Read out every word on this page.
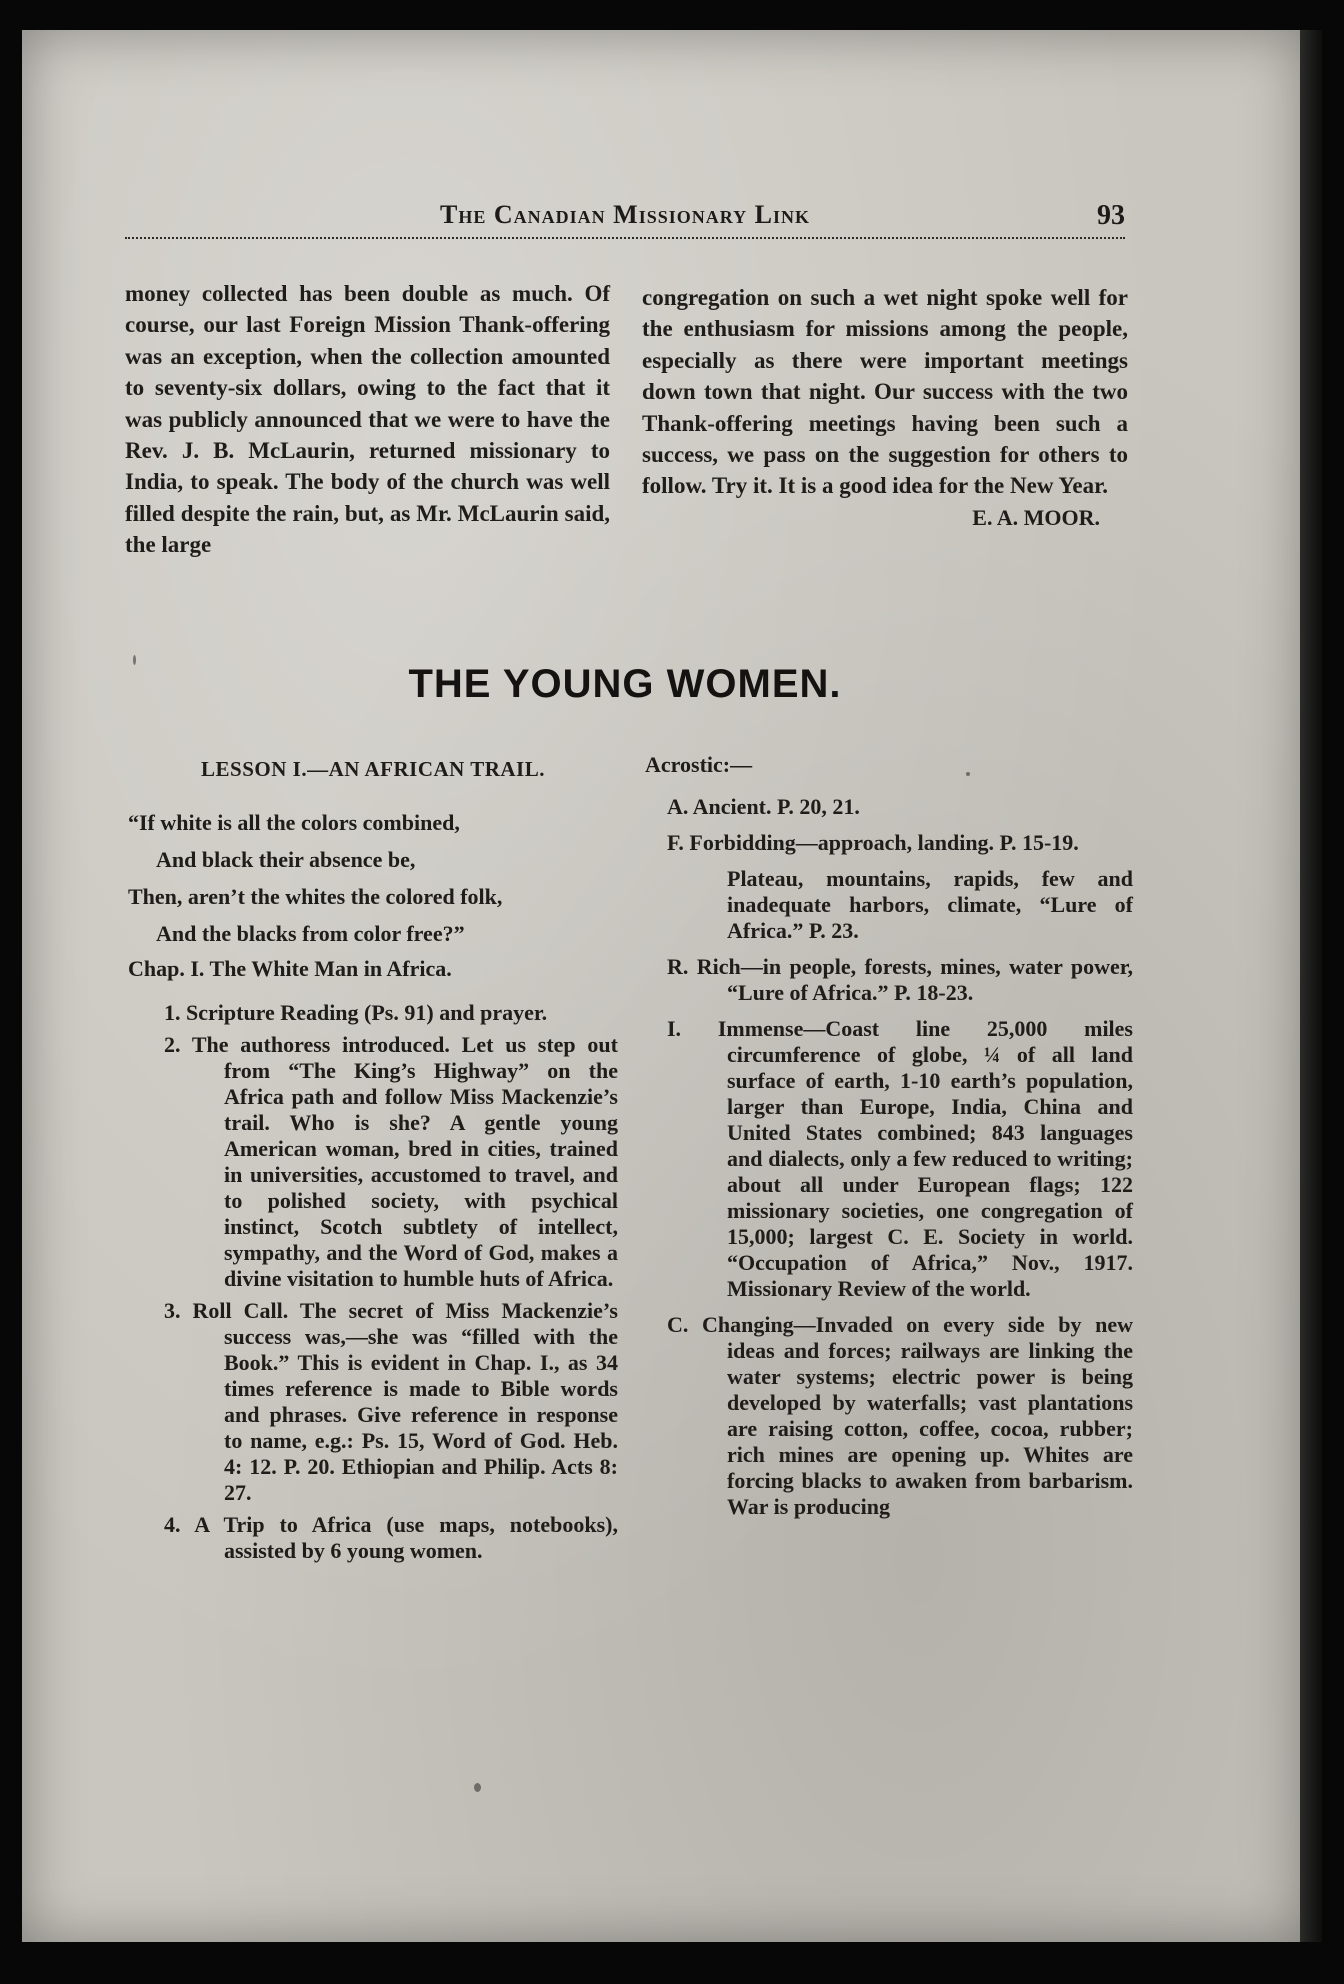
The Canadian Missionary Link	93

money collected has been double as much. Of course, our last Foreign Mission Thank-offering was an exception, when the collection amounted to seventy-six dollars, owing to the fact that it was publicly announced that we were to have the Rev. J. B. McLaurin, returned missionary to India, to speak. The body of the church was well filled despite the rain, but, as Mr. McLaurin said, the large

congregation on such a wet night spoke well for the enthusiasm for missions among the people, especially as there were important meetings down town that night. Our success with the two Thank-offering meetings having been such a success, we pass on the suggestion for others to follow. Try it. It is a good idea for the New Year.

E. A. MOOR.
THE YOUNG WOMEN.
LESSON I.—AN AFRICAN TRAIL.
“If white is all the colors combined,
And black their absence be,
Then, aren’t the whites the colored folk,
And the blacks from color free?”
Chap. I. The White Man in Africa.
1. Scripture Reading (Ps. 91) and prayer.
2. The authoress introduced. Let us step out from “The King’s Highway” on the Africa path and follow Miss Mackenzie’s trail. Who is she? A gentle young American woman, bred in cities, trained in universities, accustomed to travel, and to polished society, with psychical instinct, Scotch subtlety of intellect, sympathy, and the Word of God, makes a divine visitation to humble huts of Africa.
3. Roll Call. The secret of Miss Mackenzie’s success was,—she was “filled with the Book.” This is evident in Chap. I., as 34 times reference is made to Bible words and phrases. Give reference in response to name, e.g.: Ps. 15, Word of God. Heb. 4: 12. P. 20. Ethiopian and Philip. Acts 8: 27.
4. A Trip to Africa (use maps, notebooks), assisted by 6 young women.
Acrostic:—
A. Ancient. P. 20, 21.
F. Forbidding—approach, landing. P. 15-19.
Plateau, mountains, rapids, few and inadequate harbors, climate, “Lure of Africa.” P. 23.
R. Rich—in people, forests, mines, water power, “Lure of Africa.” P. 18-23.
I. Immense—Coast line 25,000 miles circumference of globe, ¼ of all land surface of earth, 1-10 earth’s population, larger than Europe, India, China and United States combined; 843 languages and dialects, only a few reduced to writing; about all under European flags; 122 missionary societies, one congregation of 15,000; largest C. E. Society in world. “Occupation of Africa,” Nov., 1917. Missionary Review of the world.
C. Changing—Invaded on every side by new ideas and forces; railways are linking the water systems; electric power is being developed by waterfalls; vast plantations are raising cotton, coffee, cocoa, rubber; rich mines are opening up. Whites are forcing blacks to awaken from barbarism. War is producing
